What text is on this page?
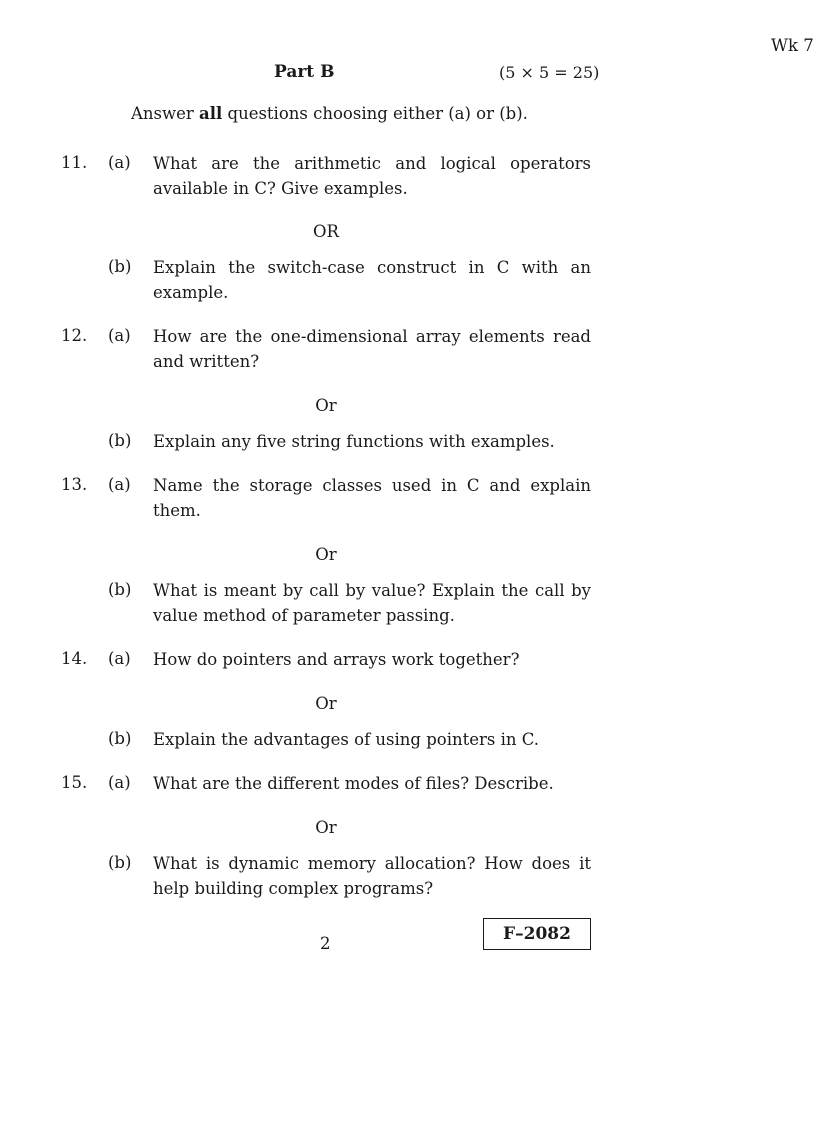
Wk 7

Part B	(5 × 5 = 25)

Answer all questions choosing either (a) or (b).

11. (a) What are the arithmetic and logical operators available in C? Give examples.

OR

(b) Explain the switch-case construct in C with an example.

12. (a) How are the one-dimensional array elements read and written?

Or

(b) Explain any five string functions with examples.

13. (a) Name the storage classes used in C and explain them.

Or

(b) What is meant by call by value? Explain the call by value method of parameter passing.

14. (a) How do pointers and arrays work together?

Or

(b) Explain the advantages of using pointers in C.

15. (a) What are the different modes of files? Describe.

Or

(b) What is dynamic memory allocation? How does it help building complex programs?

2	F–2082
